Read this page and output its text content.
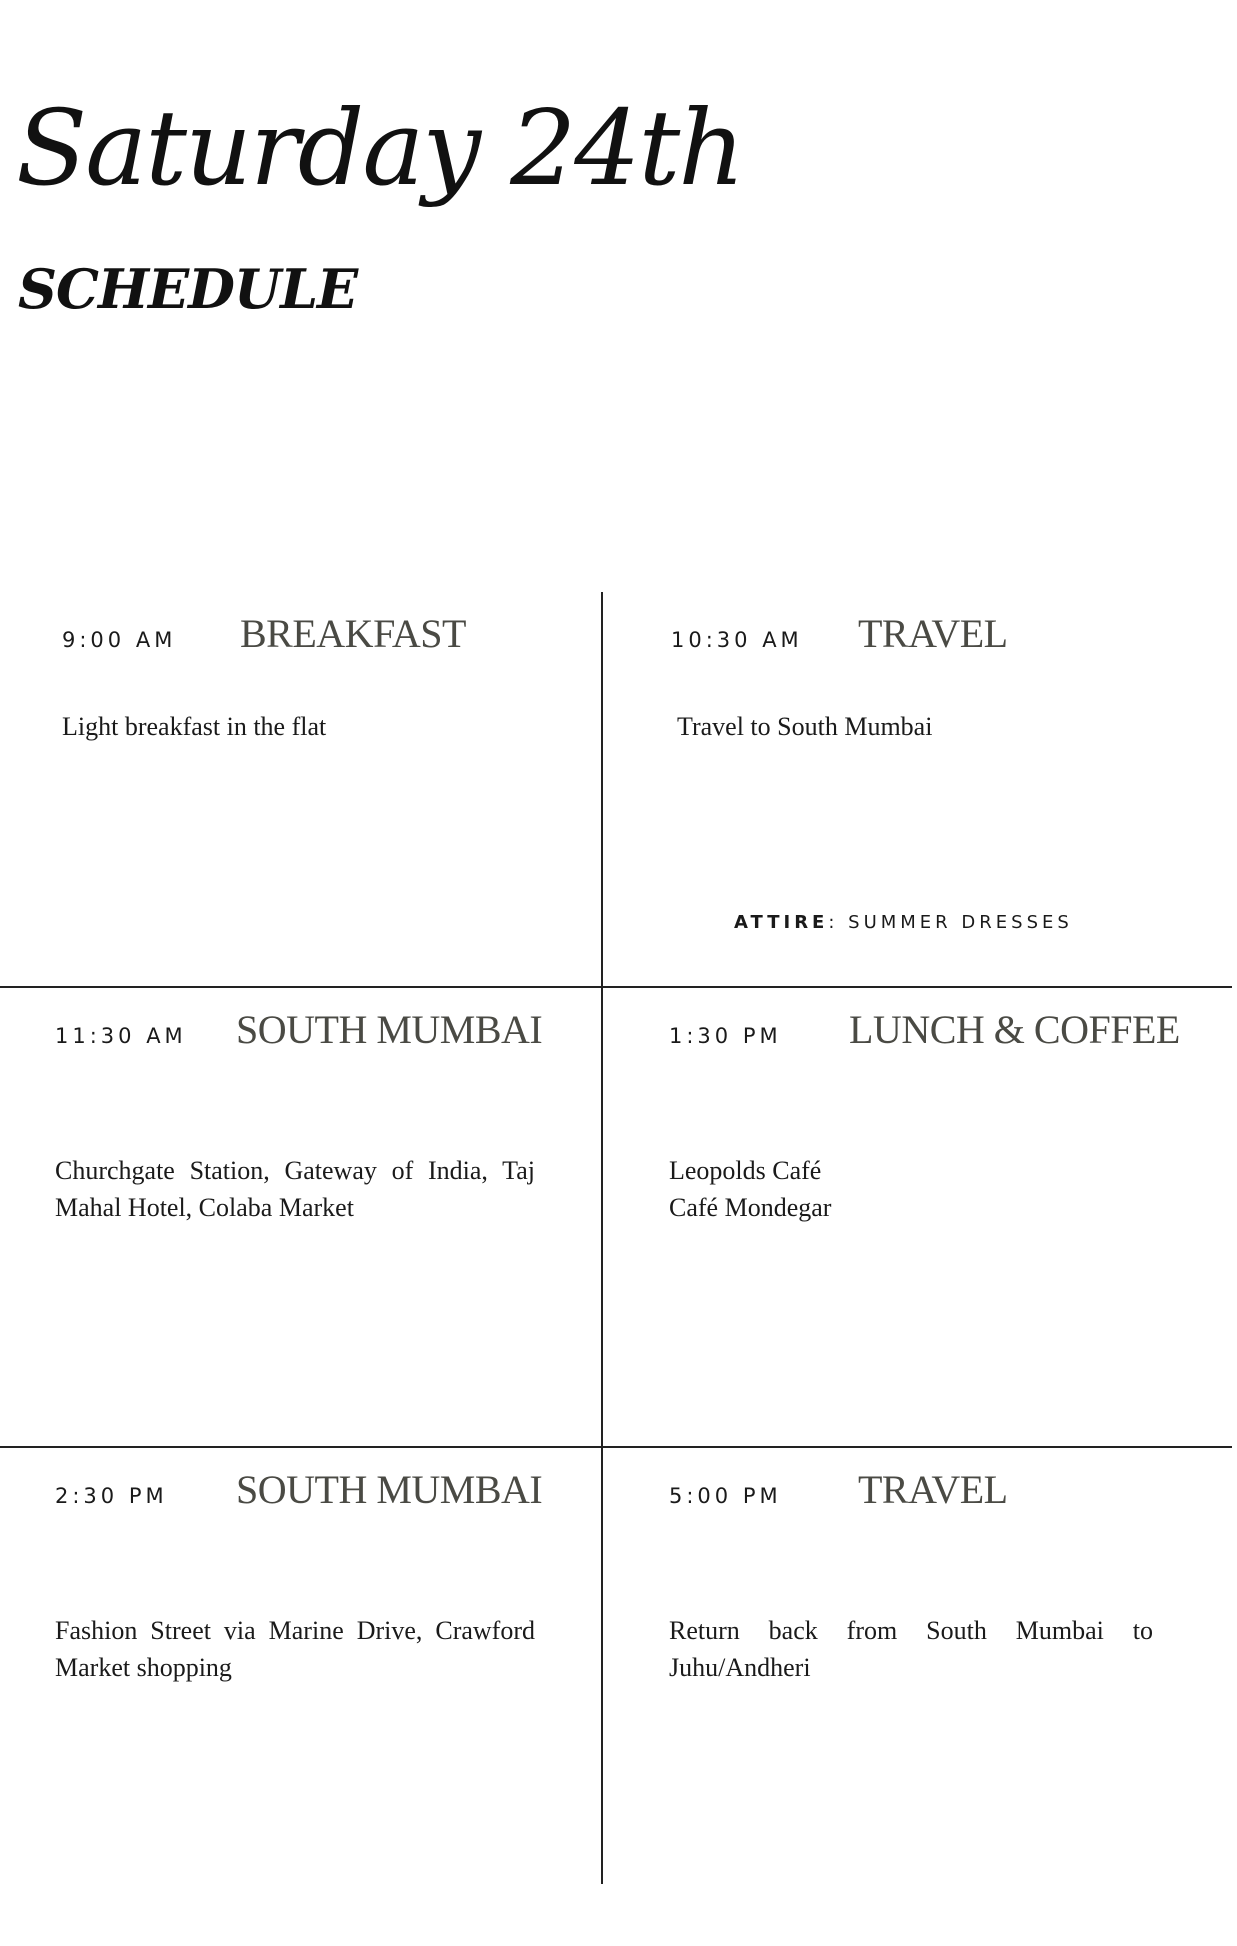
Saturday 24th
SCHEDULE
9:00 AM BREAKFAST

Light breakfast in the flat

10:30 AM TRAVEL

Travel to South Mumbai

ATTIRE: SUMMER DRESSES
11:30 AM SOUTH MUMBAI

Churchgate Station, Gateway of India, Taj Mahal Hotel, Colaba Market

1:30 PM LUNCH & COFFEE

Leopolds Café
Café Mondegar

2:30 PM SOUTH MUMBAI

Fashion Street via Marine Drive, Crawford Market shopping

5:00 PM TRAVEL

Return back from South Mumbai to Juhu/Andheri
